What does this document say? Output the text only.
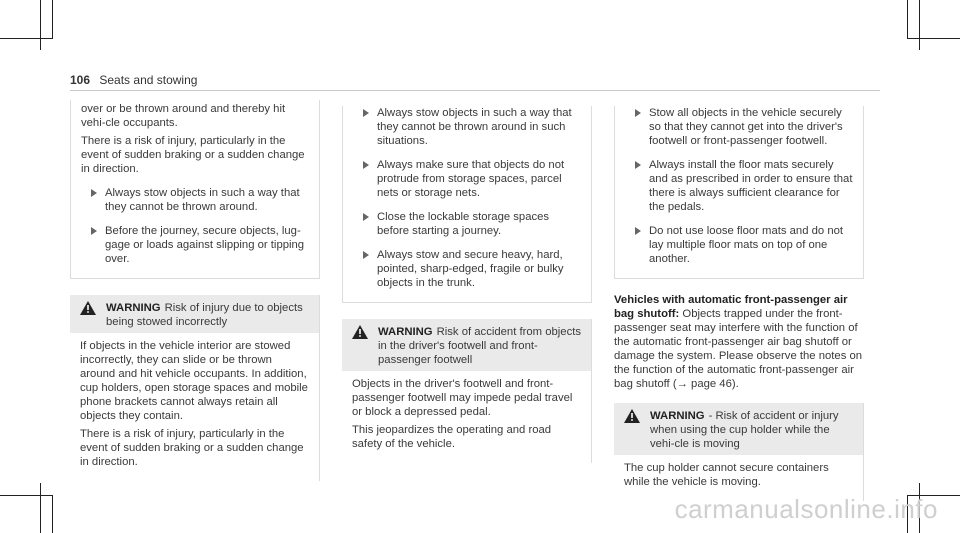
106 Seats and stowing

over or be thrown around and thereby hit vehi-cle occupants.

There is a risk of injury, particularly in the event of sudden braking or a sudden change in direction.

Always stow objects in such a way that they cannot be thrown around.
Before the journey, secure objects, lug-gage or loads against slipping or tipping over.
WARNING Risk of injury due to objects being stowed incorrectly

If objects in the vehicle interior are stowed incorrectly, they can slide or be thrown around and hit vehicle occupants. In addition, cup holders, open storage spaces and mobile phone brackets cannot always retain all objects they contain.

There is a risk of injury, particularly in the event of sudden braking or a sudden change in direction.

Always stow objects in such a way that they cannot be thrown around in such situations.
Always make sure that objects do not protrude from storage spaces, parcel nets or storage nets.
Close the lockable storage spaces before starting a journey.
Always stow and secure heavy, hard, pointed, sharp-edged, fragile or bulky objects in the trunk.
WARNING Risk of accident from objects in the driver's footwell and front-passenger footwell

Objects in the driver's footwell and front-passenger footwell may impede pedal travel or block a depressed pedal.

This jeopardizes the operating and road safety of the vehicle.

Stow all objects in the vehicle securely so that they cannot get into the driver's footwell or front-passenger footwell.
Always install the floor mats securely and as prescribed in order to ensure that there is always sufficient clearance for the pedals.
Do not use loose floor mats and do not lay multiple floor mats on top of one another.

Vehicles with automatic front-passenger air bag shutoff: Objects trapped under the front-passenger seat may interfere with the function of the automatic front-passenger air bag shutoff or damage the system. Please observe the notes on the function of the automatic front-passenger air bag shutoff (→ page 46).

WARNING - Risk of accident or injury when using the cup holder while the vehi-cle is moving

The cup holder cannot secure containers while the vehicle is moving.

carmanualsonline.info
